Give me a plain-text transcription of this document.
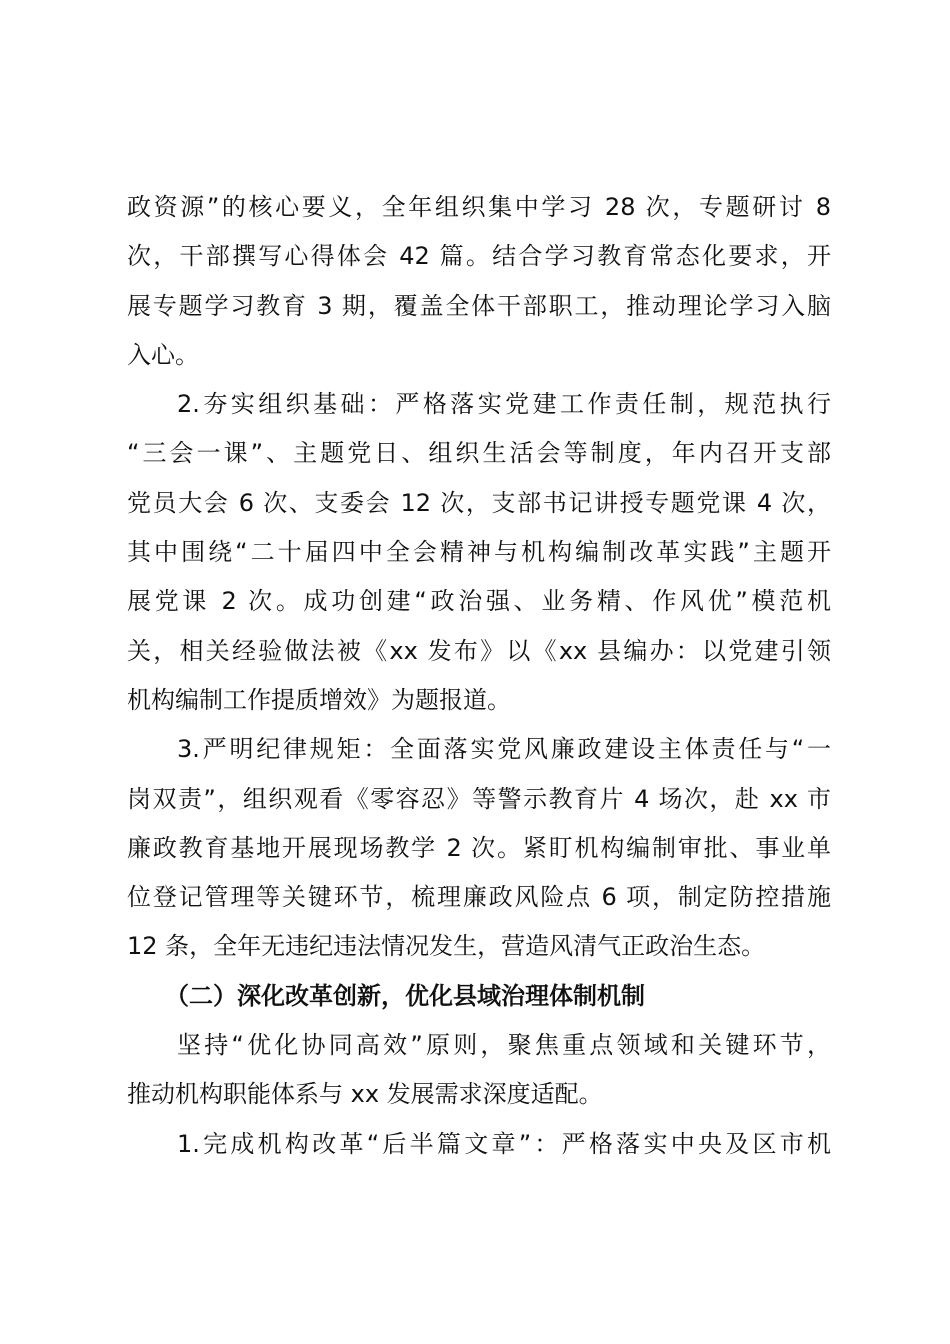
政资源”的核心要义，全年组织集中学习 28 次，专题研讨 8
次，干部撰写心得体会 42 篇。结合学习教育常态化要求，开
展专题学习教育 3 期，覆盖全体干部职工，推动理论学习入脑
入心。
2.夯实组织基础：严格落实党建工作责任制，规范执行
“三会一课”、主题党日、组织生活会等制度，年内召开支部
党员大会 6 次、支委会 12 次，支部书记讲授专题党课 4 次，
其中围绕“二十届四中全会精神与机构编制改革实践”主题开
展党课 2 次。成功创建“政治强、业务精、作风优”模范机
关，相关经验做法被《xx 发布》以《xx 县编办：以党建引领
机构编制工作提质增效》为题报道。
3.严明纪律规矩：全面落实党风廉政建设主体责任与“一
岗双责”，组织观看《零容忍》等警示教育片 4 场次，赴 xx 市
廉政教育基地开展现场教学 2 次。紧盯机构编制审批、事业单
位登记管理等关键环节，梳理廉政风险点 6 项，制定防控措施
12 条，全年无违纪违法情况发生，营造风清气正政治生态。
（二）深化改革创新，优化县域治理体制机制
坚持“优化协同高效”原则，聚焦重点领域和关键环节，
推动机构职能体系与 xx 发展需求深度适配。
1.完成机构改革“后半篇文章”：严格落实中央及区市机
